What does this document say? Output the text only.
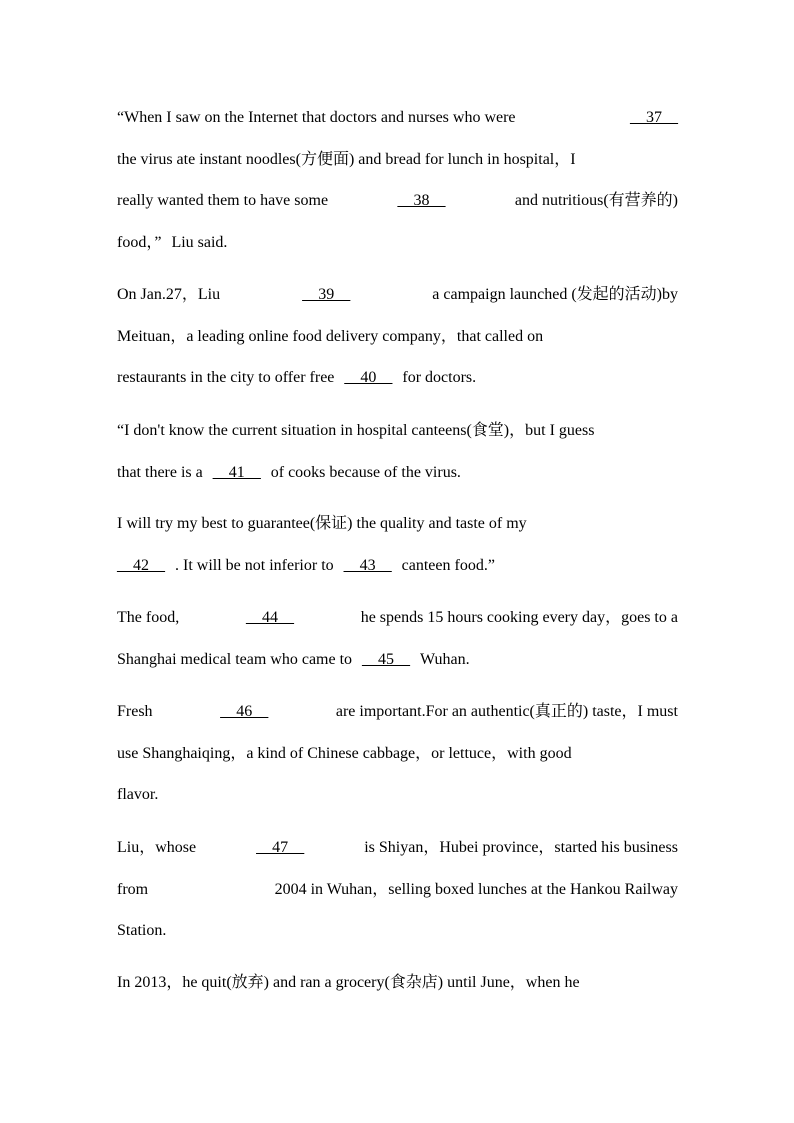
“When I saw on the Internet that doctors and nurses who were	__37__
the virus ate instant noodles(方便面) and bread for lunch in hospital，I
really wanted them to have some	__38__	and nutritious(有营养的)
food，” Liu said.
On Jan.27，Liu	__39__	a campaign launched (发起的活动)by
Meituan，a leading online food delivery company，that called on
restaurants in the city to offer free __40__ for doctors.
“I don't know the current situation in hospital canteens(食堂)，but I guess
that there is a __41__ of cooks because of the virus.
I will try my best to guarantee(保证) the quality and taste of my
__42__ . It will be not inferior to __43__ canteen food.”
The food,	__44__	he spends 15 hours cooking every day，goes to a
Shanghai medical team who came to __45__ Wuhan.
Fresh	__46__	are important.For an authentic(真正的) taste，I must
use Shanghaiqing，a kind of Chinese cabbage，or lettuce，with good
flavor.
Liu，whose	__47__	is Shiyan，Hubei province，started his business
from	2004 in Wuhan，selling boxed lunches at the Hankou Railway
Station.
In 2013，he quit(放弃) and ran a grocery(食杂店) until June，when he
